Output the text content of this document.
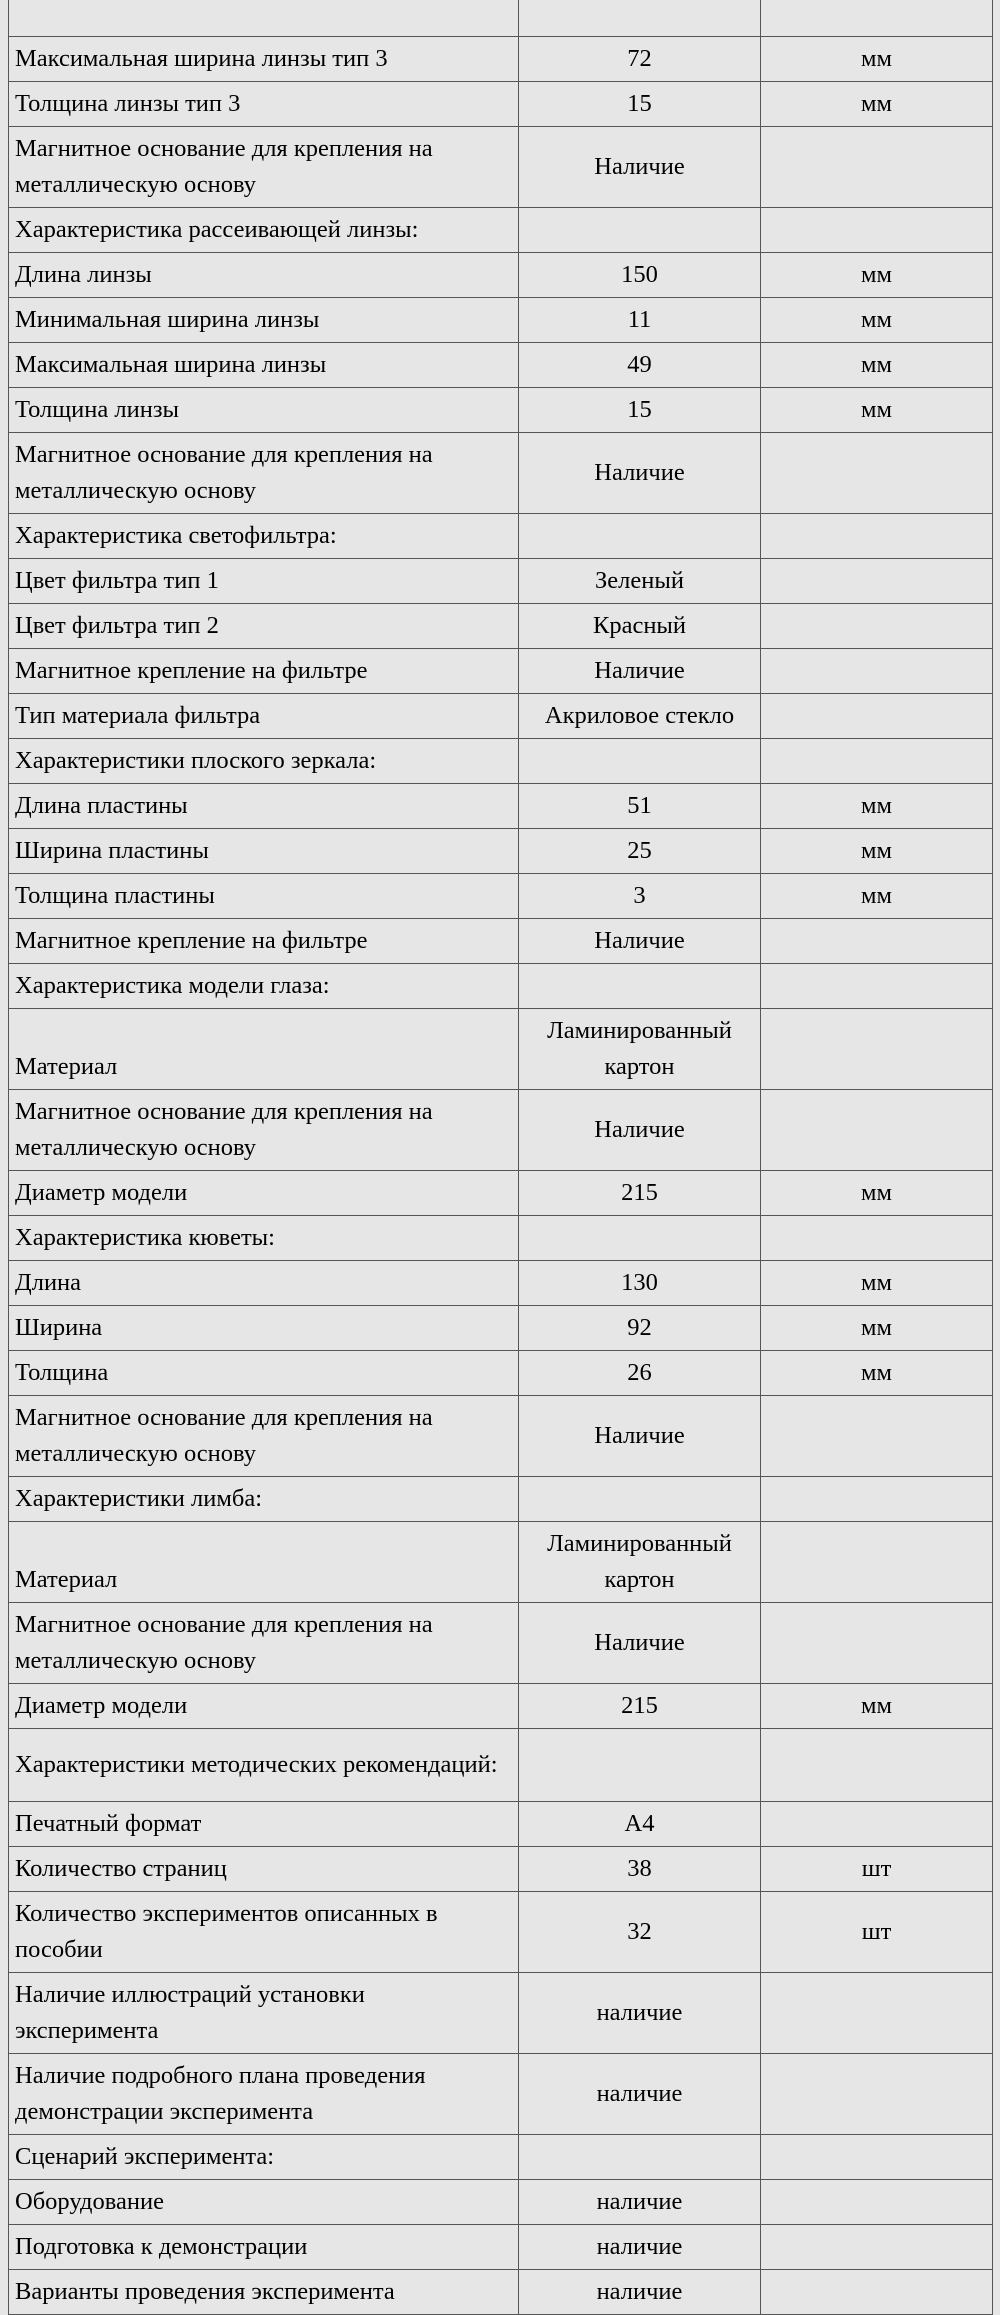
Максимальная ширина линзы тип 3	72	мм
Толщина линзы тип 3	15	мм
Магнитное основание для крепления на металлическую основу	Наличие	
Характеристика рассеивающей линзы:		
Длина линзы	150	мм
Минимальная ширина линзы	11	мм
Максимальная ширина линзы	49	мм
Толщина линзы	15	мм
Магнитное основание для крепления на металлическую основу	Наличие	
Характеристика светофильтра:		
Цвет фильтра тип 1	Зеленый	
Цвет фильтра тип 2	Красный	
Магнитное крепление на фильтре	Наличие	
Тип материала фильтра	Акриловое стекло	
Характеристики плоского зеркала:		
Длина пластины	51	мм
Ширина пластины	25	мм
Толщина пластины	3	мм
Магнитное крепление на фильтре	Наличие	
Характеристика модели глаза:		
Материал	Ламинированный картон	
Магнитное основание для крепления на металлическую основу	Наличие	
Диаметр модели	215	мм
Характеристика кюветы:		
Длина	130	мм
Ширина	92	мм
Толщина	26	мм
Магнитное основание для крепления на металлическую основу	Наличие	
Характеристики лимба:		
Материал	Ламинированный картон	
Магнитное основание для крепления на металлическую основу	Наличие	
Диаметр модели	215	мм
Характеристики методических рекомендаций:		
Печатный формат	А4	
Количество страниц	38	шт
Количество экспериментов описанных в пособии	32	шт
Наличие иллюстраций установки эксперимента	наличие	
Наличие подробного плана проведения демонстрации эксперимента	наличие	
Сценарий эксперимента:		
Оборудование	наличие	
Подготовка к демонстрации	наличие	
Варианты проведения эксперимента	наличие	
